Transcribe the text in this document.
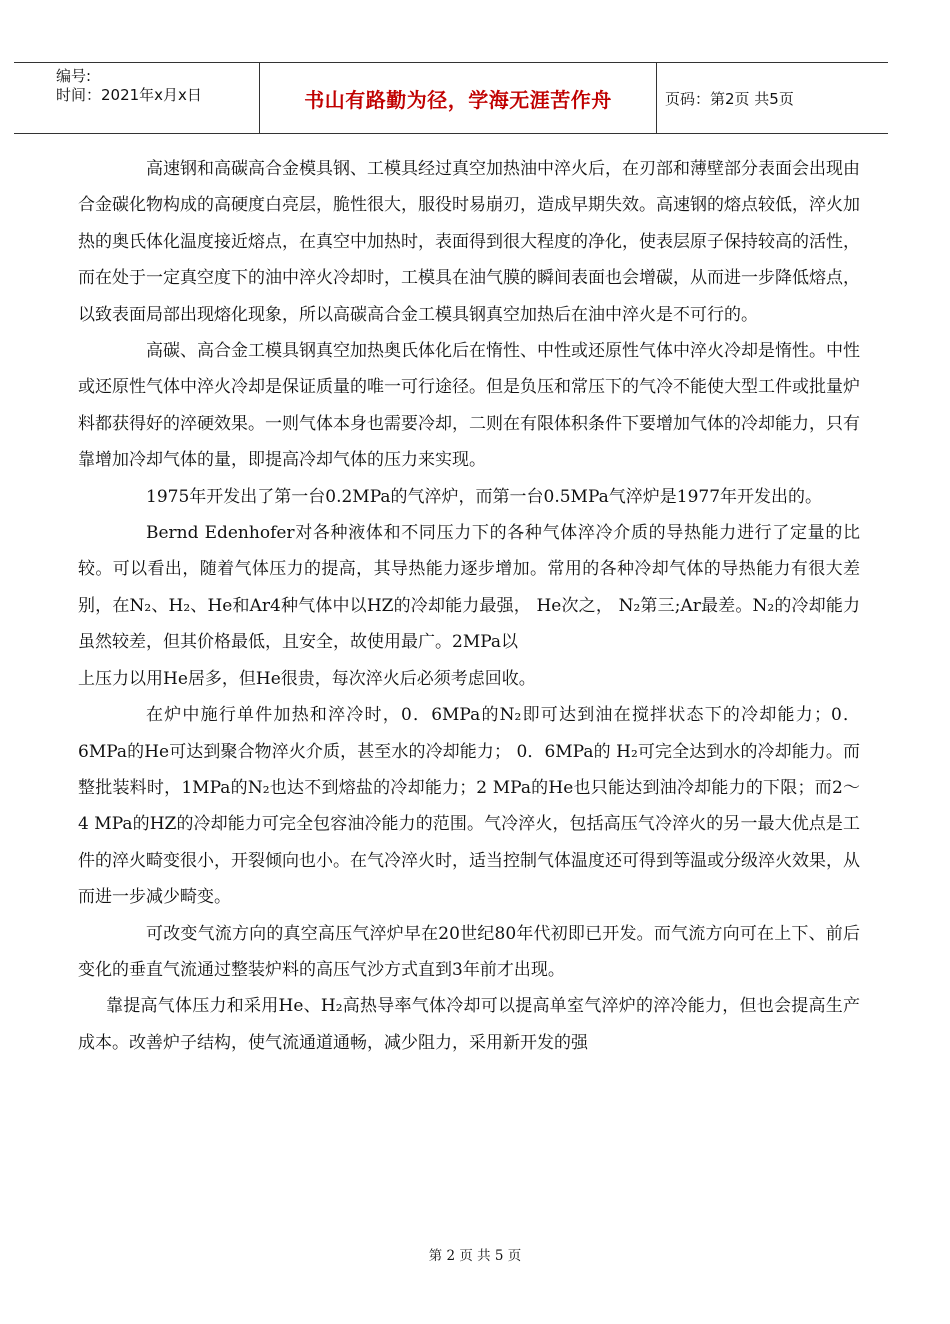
编号:
时间：2021年x月x日	书山有路勤为径，学海无涯苦作舟	页码：第2页 共5页

高速钢和高碳高合金模具钢、工模具经过真空加热油中淬火后，在刃部和薄壁部分表面会出现由合金碳化物构成的高硬度白亮层，脆性很大，服役时易崩刃，造成早期失效。高速钢的熔点较低，淬火加热的奥氏体化温度接近熔点，在真空中加热时，表面得到很大程度的净化，使表层原子保持较高的活性，而在处于一定真空度下的油中淬火冷却时，工模具在油气膜的瞬间表面也会增碳，从而进一步降低熔点，以致表面局部出现熔化现象，所以高碳高合金工模具钢真空加热后在油中淬火是不可行的。

高碳、高合金工模具钢真空加热奥氏体化后在惰性、中性或还原性气体中淬火冷却是惰性。中性或还原性气体中淬火冷却是保证质量的唯一可行途径。但是负压和常压下的气冷不能使大型工件或批量炉料都获得好的淬硬效果。一则气体本身也需要冷却，二则在有限体积条件下要增加气体的冷却能力，只有靠增加冷却气体的量，即提高冷却气体的压力来实现。

1975年开发出了第一台0.2MPa的气淬炉，而第一台0.5MPa气淬炉是1977年开发出的。

Bernd Edenhofer对各种液体和不同压力下的各种气体淬冷介质的导热能力进行了定量的比较。可以看出，随着气体压力的提高，其导热能力逐步增加。常用的各种冷却气体的导热能力有很大差别，在N₂、H₂、He和Ar4种气体中以HZ的冷却能力最强， He次之， N₂第三;Ar最差。N₂的冷却能力虽然较差，但其价格最低，且安全，故使用最广。2MPa以

上压力以用He居多，但He很贵，每次淬火后必须考虑回收。

在炉中施行单件加热和淬冷时，0．6MPa的N₂即可达到油在搅拌状态下的冷却能力；0．6MPa的He可达到聚合物淬火介质，甚至水的冷却能力； 0．6MPa的 H₂可完全达到水的冷却能力。而整批装料时，1MPa的N₂也达不到熔盐的冷却能力；2 MPa的He也只能达到油冷却能力的下限；而2～4 MPa的HZ的冷却能力可完全包容油冷能力的范围。气冷淬火，包括高压气冷淬火的另一最大优点是工件的淬火畸变很小，开裂倾向也小。在气冷淬火时，适当控制气体温度还可得到等温或分级淬火效果，从而进一步减少畸变。

可改变气流方向的真空高压气淬炉早在20世纪80年代初即已开发。而气流方向可在上下、前后变化的垂直气流通过整装炉料的高压气沙方式直到3年前才出现。

靠提高气体压力和采用He、H₂高热导率气体冷却可以提高单室气淬炉的淬冷能力，但也会提高生产成本。改善炉子结构，使气流通道通畅，减少阻力，采用新开发的强

第 2 页 共 5 页
